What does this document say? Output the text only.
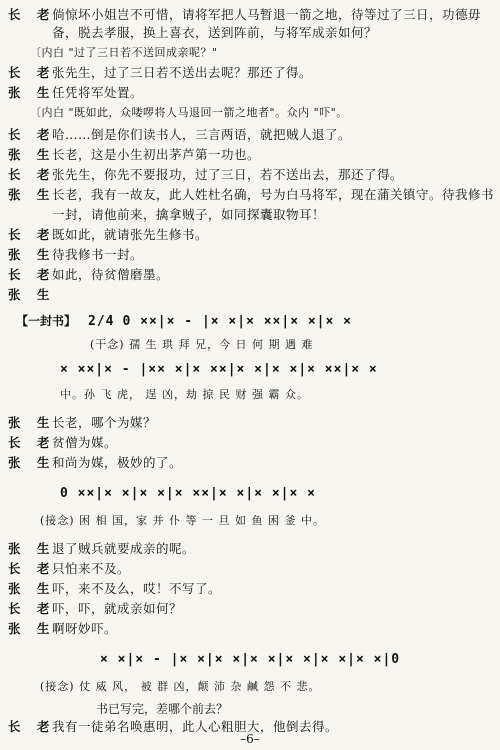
长 老倘惊坏小姐岂不可惜，请将军把人马暂退一箭之地，待等过了三日，功德毋
备，脱去孝服，换上喜衣，送到阵前，与将军成亲如何？
〔内白 "过了三日若不送回成亲呢？"
长 老张先生，过了三日若不送出去呢？那还了得。
张 生任凭将军处置。
〔内白 "既如此，众喽啰将人马退回一箭之地者"。众内 "吓"。
长 老哈……倒是你们读书人，三言两语，就把贼人退了。
张 生长老，这是小生初出茅芦第一功也。
长 老张先生，你先不要报功，过了三日，若不送出去，那还了得。
张 生长老，我有一故友，此人姓杜名确，号为白马将军，现在蒲关镇守。待我修书
一封，请他前来，擒拿贼子，如同探囊取物耳！
长 老既如此，就请张先生修书。
张 生待我修书一封。
长 老如此，待贫僧磨墨。
张 生
【一封书】 2/4 0 ××|× - |× ×|× ××|× ×|× ×
(干念) 孺 生 珙 拜 兄，今 日 何 期 遇 难
× ××|× - |×× ×|× ××|× ×|× ×|× ××|× ×
中。孙 飞 虎， 逞 凶，劫 掠 民 财 强 霸 众。
张 生长老，哪个为媒？
长 老贫僧为媒。
张 生和尚为媒，极妙的了。
0 ××|× ×|× ×|× ××|× ×|× ×|× ×
(接念) 困 相 国，家 并 仆 等 一 旦 如 鱼 困 釜 中。
张 生退了贼兵就要成亲的呢。
长 老只怕来不及。
张 生吓，来不及么，哎！不写了。
长 老吓，吓，就成亲如何？
张 生啊呀妙吓。
× ×|× - |× ×|× ×|× ×|× ×|× ×|× ×|0
(接念) 仗 威 风， 被 群 凶，颠 沛 杂 鹹 怨 不 悲。
书已写完，差哪个前去？
长 老我有一徒弟名唤惠明，此人心粗胆大，他倒去得。
–6–
